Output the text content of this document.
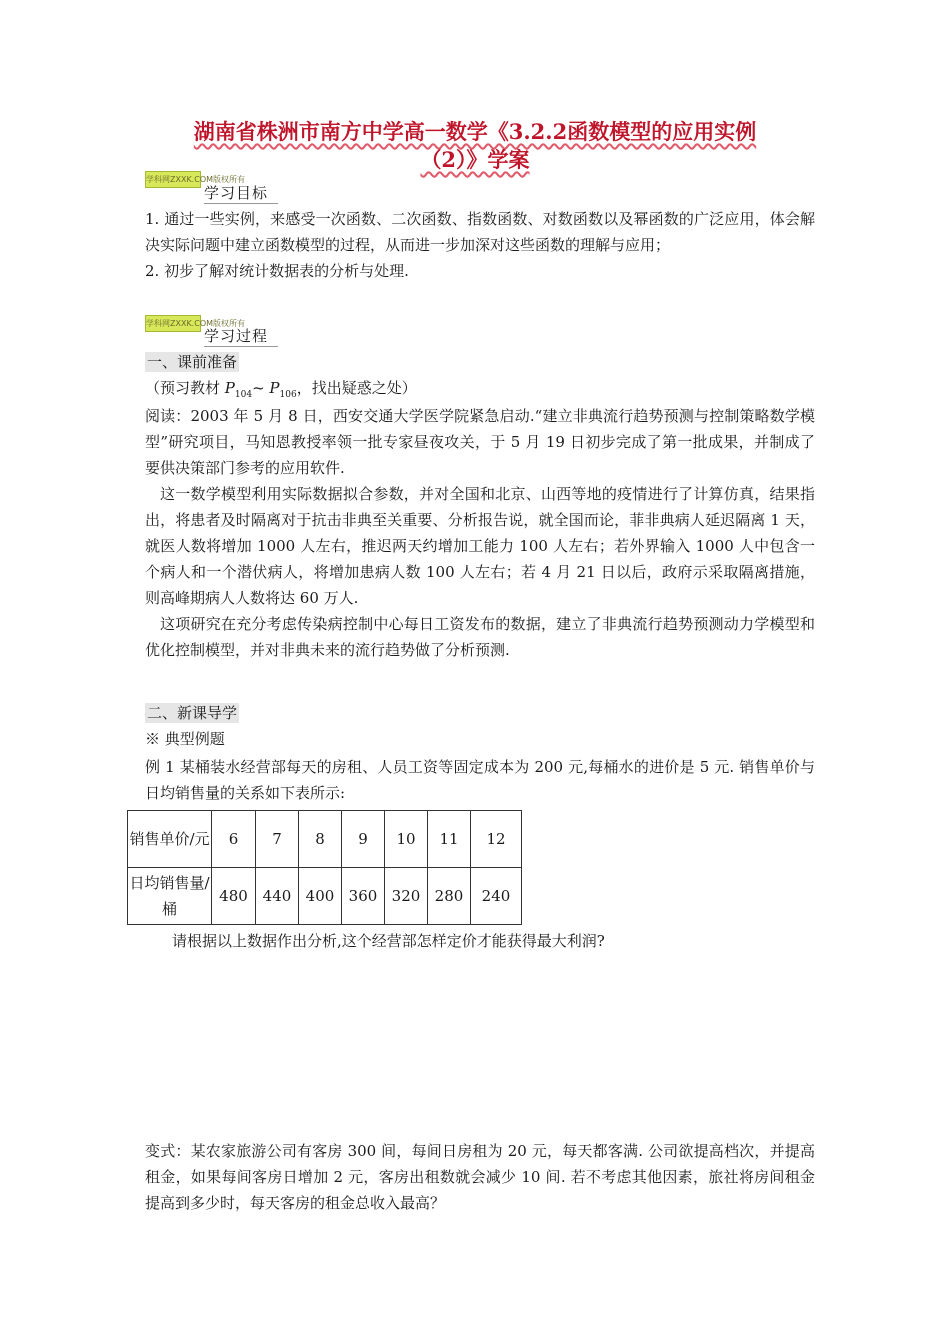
湖南省株洲市南方中学高一数学《3.2.2函数模型的应用实例
（2）》学案
学科网ZXXK.COM版权所有
学习目标

1. 通过一些实例，来感受一次函数、二次函数、指数函数、对数函数以及幂函数的广泛应用，体会解决实际问题中建立函数模型的过程，从而进一步加深对这些函数的理解与应用；

2. 初步了解对统计数据表的分析与处理.

学科网ZXXK.COM版权所有
学习过程
一、课前准备
（预习教材 $P_{104}\sim$ $P_{106}$，找出疑惑之处）

阅读：2003 年 5 月 8 日，西安交通大学医学院紧急启动.“建立非典流行趋势预测与控制策略数学模型”研究项目，马知恩教授率领一批专家昼夜攻关，于 5 月 19 日初步完成了第一批成果，并制成了要供决策部门参考的应用软件.

这一数学模型利用实际数据拟合参数，并对全国和北京、山西等地的疫情进行了计算仿真，结果指出，将患者及时隔离对于抗击非典至关重要、分析报告说，就全国而论，菲非典病人延迟隔离 1 天，就医人数将增加 1000 人左右，推迟两天约增加工能力 100 人左右；若外界输入 1000 人中包含一个病人和一个潜伏病人，将增加患病人数 100 人左右；若 4 月 21 日以后，政府示采取隔离措施，则高峰期病人人数将达 60 万人.

这项研究在充分考虑传染病控制中心每日工资发布的数据，建立了非典流行趋势预测动力学模型和优化控制模型，并对非典未来的流行趋势做了分析预测.

二、新课导学
※ 典型例题

例 1 某桶装水经营部每天的房租、人员工资等固定成本为 200 元,每桶水的进价是 5 元. 销售单价与日均销售量的关系如下表所示:

销售单价/元	6	7	8	9	10	11	12
日均销售量/桶	480	440	400	360	320	280	240
请根据以上数据作出分析,这个经营部怎样定价才能获得最大利润?

变式：某农家旅游公司有客房 300 间，每间日房租为 20 元，每天都客满. 公司欲提高档次，并提高租金，如果每间客房日增加 2 元，客房出租数就会减少 10 间. 若不考虑其他因素，旅社将房间租金提高到多少时，每天客房的租金总收入最高？
